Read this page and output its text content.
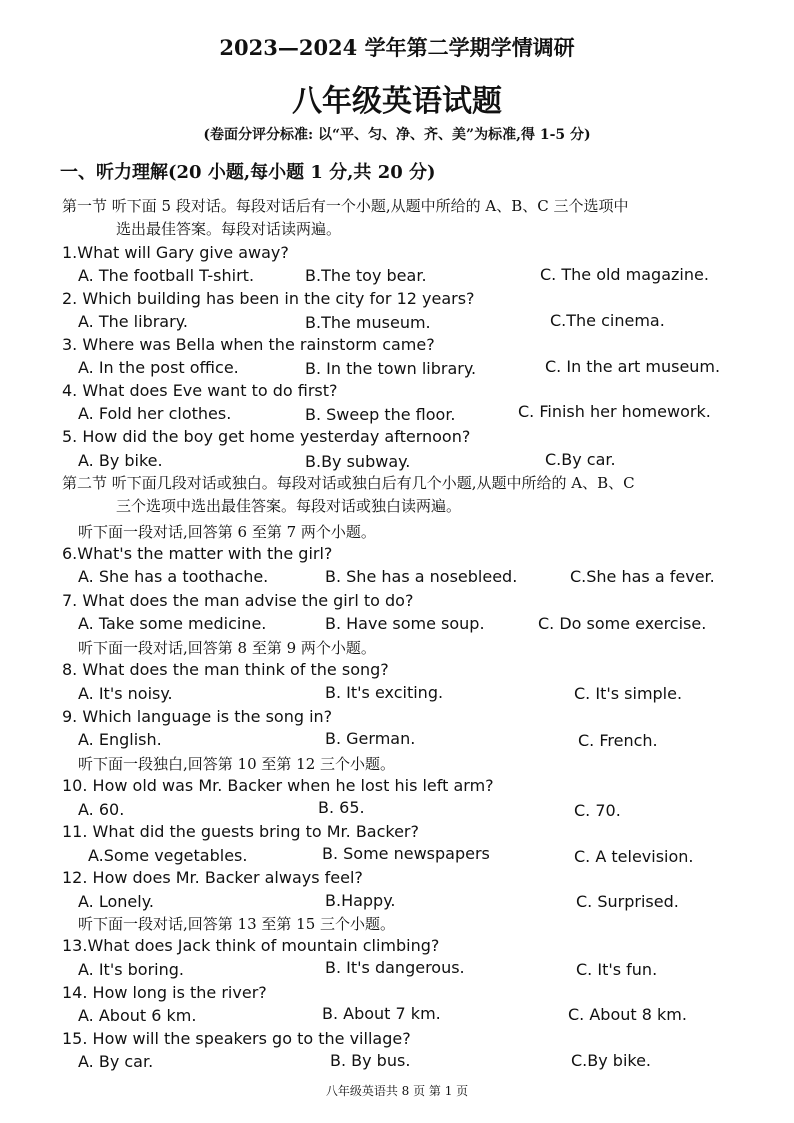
2023—2024 学年第二学期学情调研
八年级英语试题
(卷面分评分标准: 以“平、匀、净、齐、美”为标准,得 1-5 分)
一、听力理解(20 小题,每小题 1 分,共 20 分)
第一节 听下面 5 段对话。每段对话后有一个小题,从题中所给的 A、B、C 三个选项中
选出最佳答案。每段对话读两遍。
1.What will Gary give away?
A. The football T-shirt.	B.The toy bear.	C. The old magazine.
2. Which building has been in the city for 12 years?
A. The library.	B.The museum.	C.The cinema.
3. Where was Bella when the rainstorm came?
A. In the post office.	B. In the town library.	C. In the art museum.
4. What does Eve want to do first?
A. Fold her clothes.	B. Sweep the floor.	C. Finish her homework.
5. How did the boy get home yesterday afternoon?
A. By bike.	B.By subway.	C.By car.
第二节 听下面几段对话或独白。每段对话或独白后有几个小题,从题中所给的 A、B、C
三个选项中选出最佳答案。每段对话或独白读两遍。
听下面一段对话,回答第 6 至第 7 两个小题。
6.What's the matter with the girl?
A. She has a toothache.	B. She has a nosebleed.	C.She has a fever.
7. What does the man advise the girl to do?
A. Take some medicine.	B. Have some soup.	C. Do some exercise.
听下面一段对话,回答第 8 至第 9 两个小题。
8. What does the man think of the song?
A. It's noisy.	B. It's exciting.	C. It's simple.
9. Which language is the song in?
A. English.	B. German.	C. French.
听下面一段独白,回答第 10 至第 12 三个小题。
10. How old was Mr. Backer when he lost his left arm?
A. 60.	B. 65.	C. 70.
11. What did the guests bring to Mr. Backer?
A.Some vegetables.	B. Some newspapers	C. A television.
12. How does Mr. Backer always feel?
A. Lonely.	B.Happy.	C. Surprised.
听下面一段对话,回答第 13 至第 15 三个小题。
13.What does Jack think of mountain climbing?
A. It's boring.	B. It's dangerous.	C. It's fun.
14. How long is the river?
A. About 6 km.	B. About 7 km.	C. About 8 km.
15. How will the speakers go to the village?
A. By car.	B. By bus.	C.By bike.
八年级英语共 8 页 第 1 页
